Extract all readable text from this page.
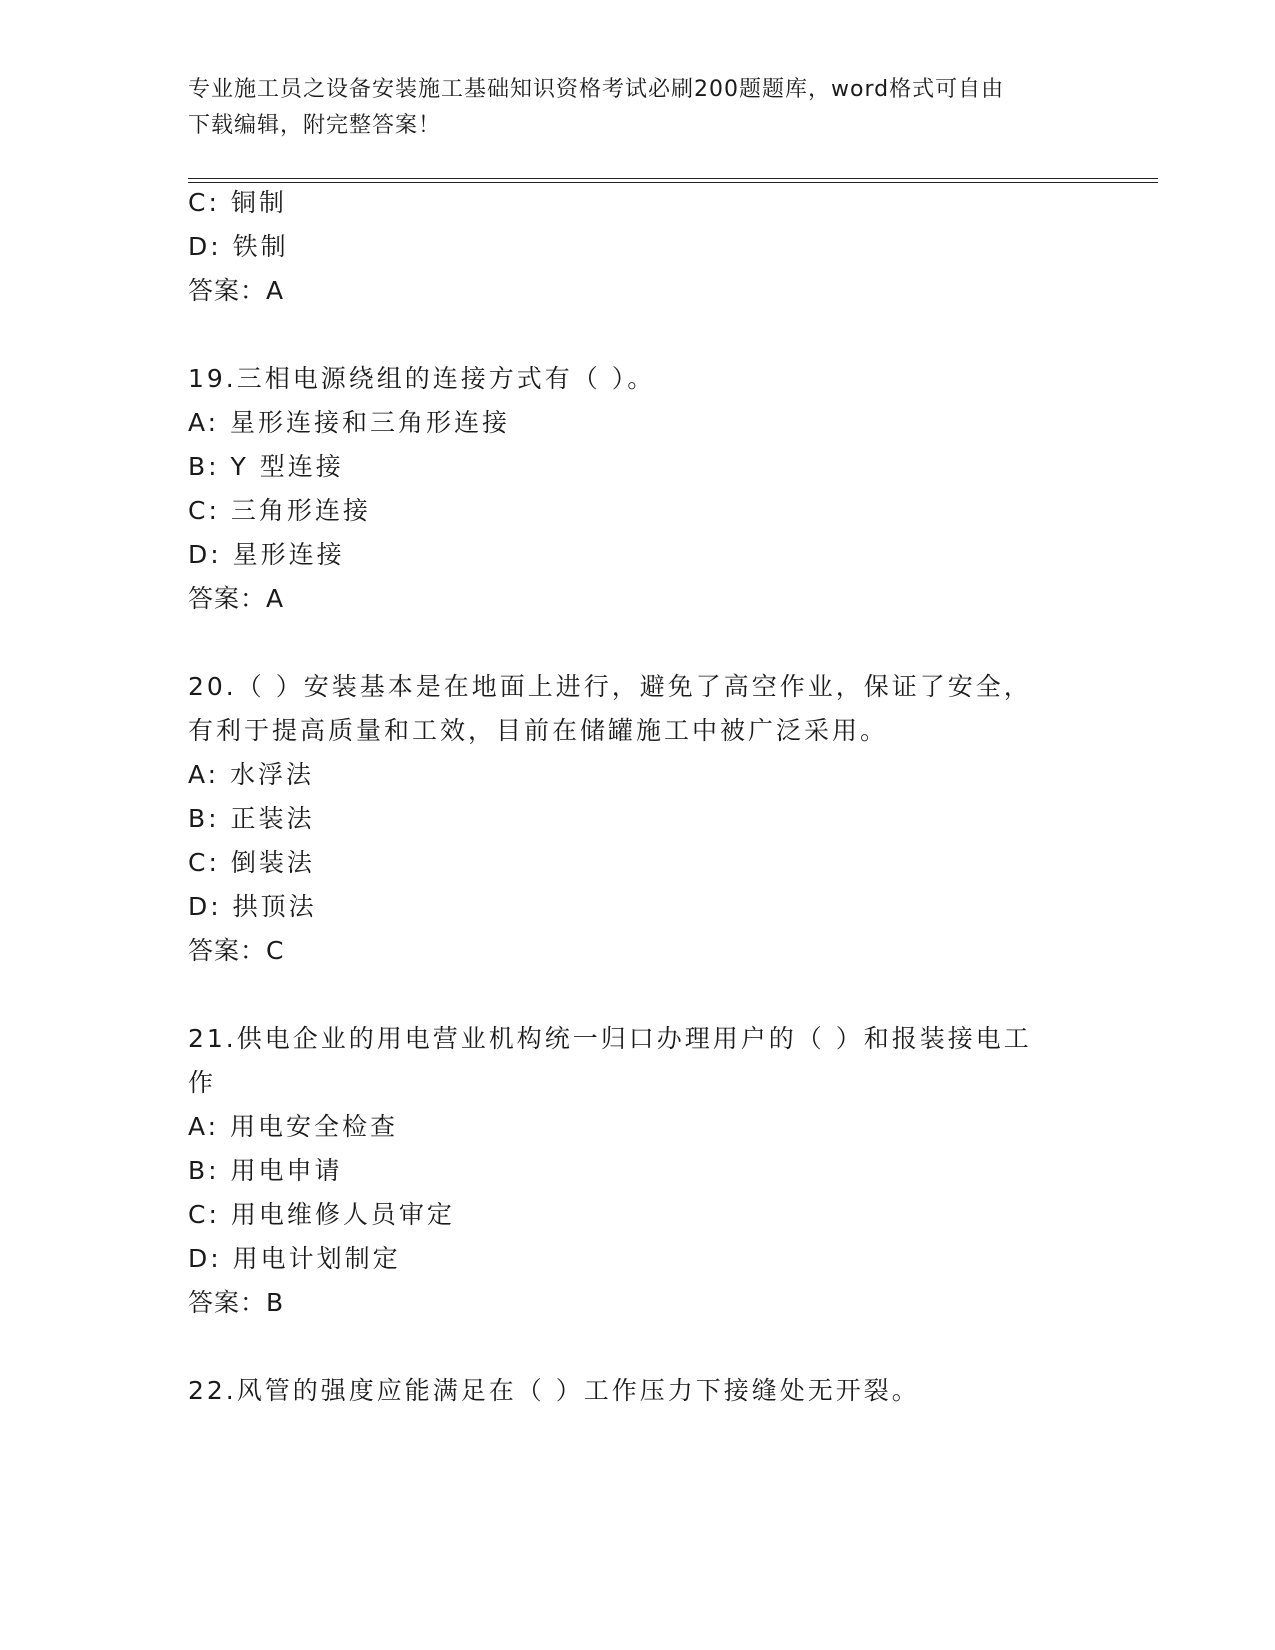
专业施工员之设备安装施工基础知识资格考试必刷200题题库，word格式可自由
下载编辑，附完整答案！
C: 铜制
D: 铁制
答案：A
19.三相电源绕组的连接方式有（ ）。
A: 星形连接和三角形连接
B: Y 型连接
C: 三角形连接
D: 星形连接
答案：A
20.（ ）安装基本是在地面上进行，避免了高空作业，保证了安全，
有利于提高质量和工效，目前在储罐施工中被广泛采用。
A: 水浮法
B: 正装法
C: 倒装法
D: 拱顶法
答案：C
21.供电企业的用电营业机构统一归口办理用户的（ ）和报装接电工
作
A: 用电安全检查
B: 用电申请
C: 用电维修人员审定
D: 用电计划制定
答案：B
22.风管的强度应能满足在（ ）工作压力下接缝处无开裂。
